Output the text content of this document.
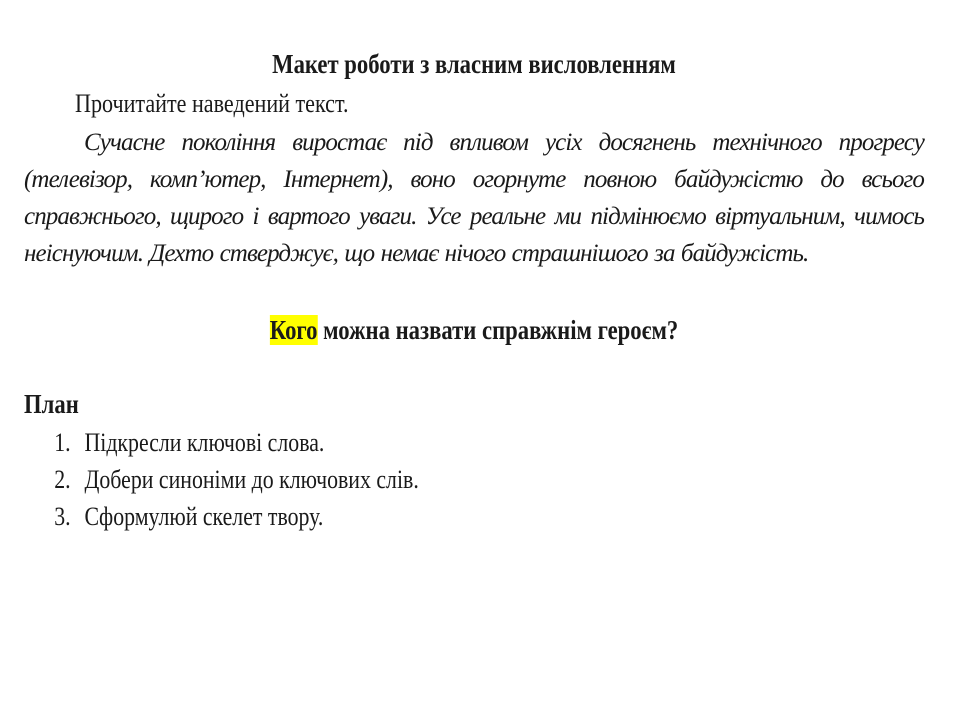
Макет роботи з власним висловленням

Прочитайте наведений текст.

Сучасне покоління виростає під впливом усіх досягнень технічного прогресу (телевізор, комп’ютер, Інтернет), воно огорнуте повною байдужістю до всього справжнього, щирого і вартого уваги. Усе реальне ми підмінюємо віртуальним, чимось неіснуючим. Дехто стверджує, що немає нічого страшнішого за байдужість.

Кого можна назвати справжнім героєм?

План

1. Підкресли ключові слова.
2. Добери синоніми до ключових слів.
3. Сформулюй скелет твору.
